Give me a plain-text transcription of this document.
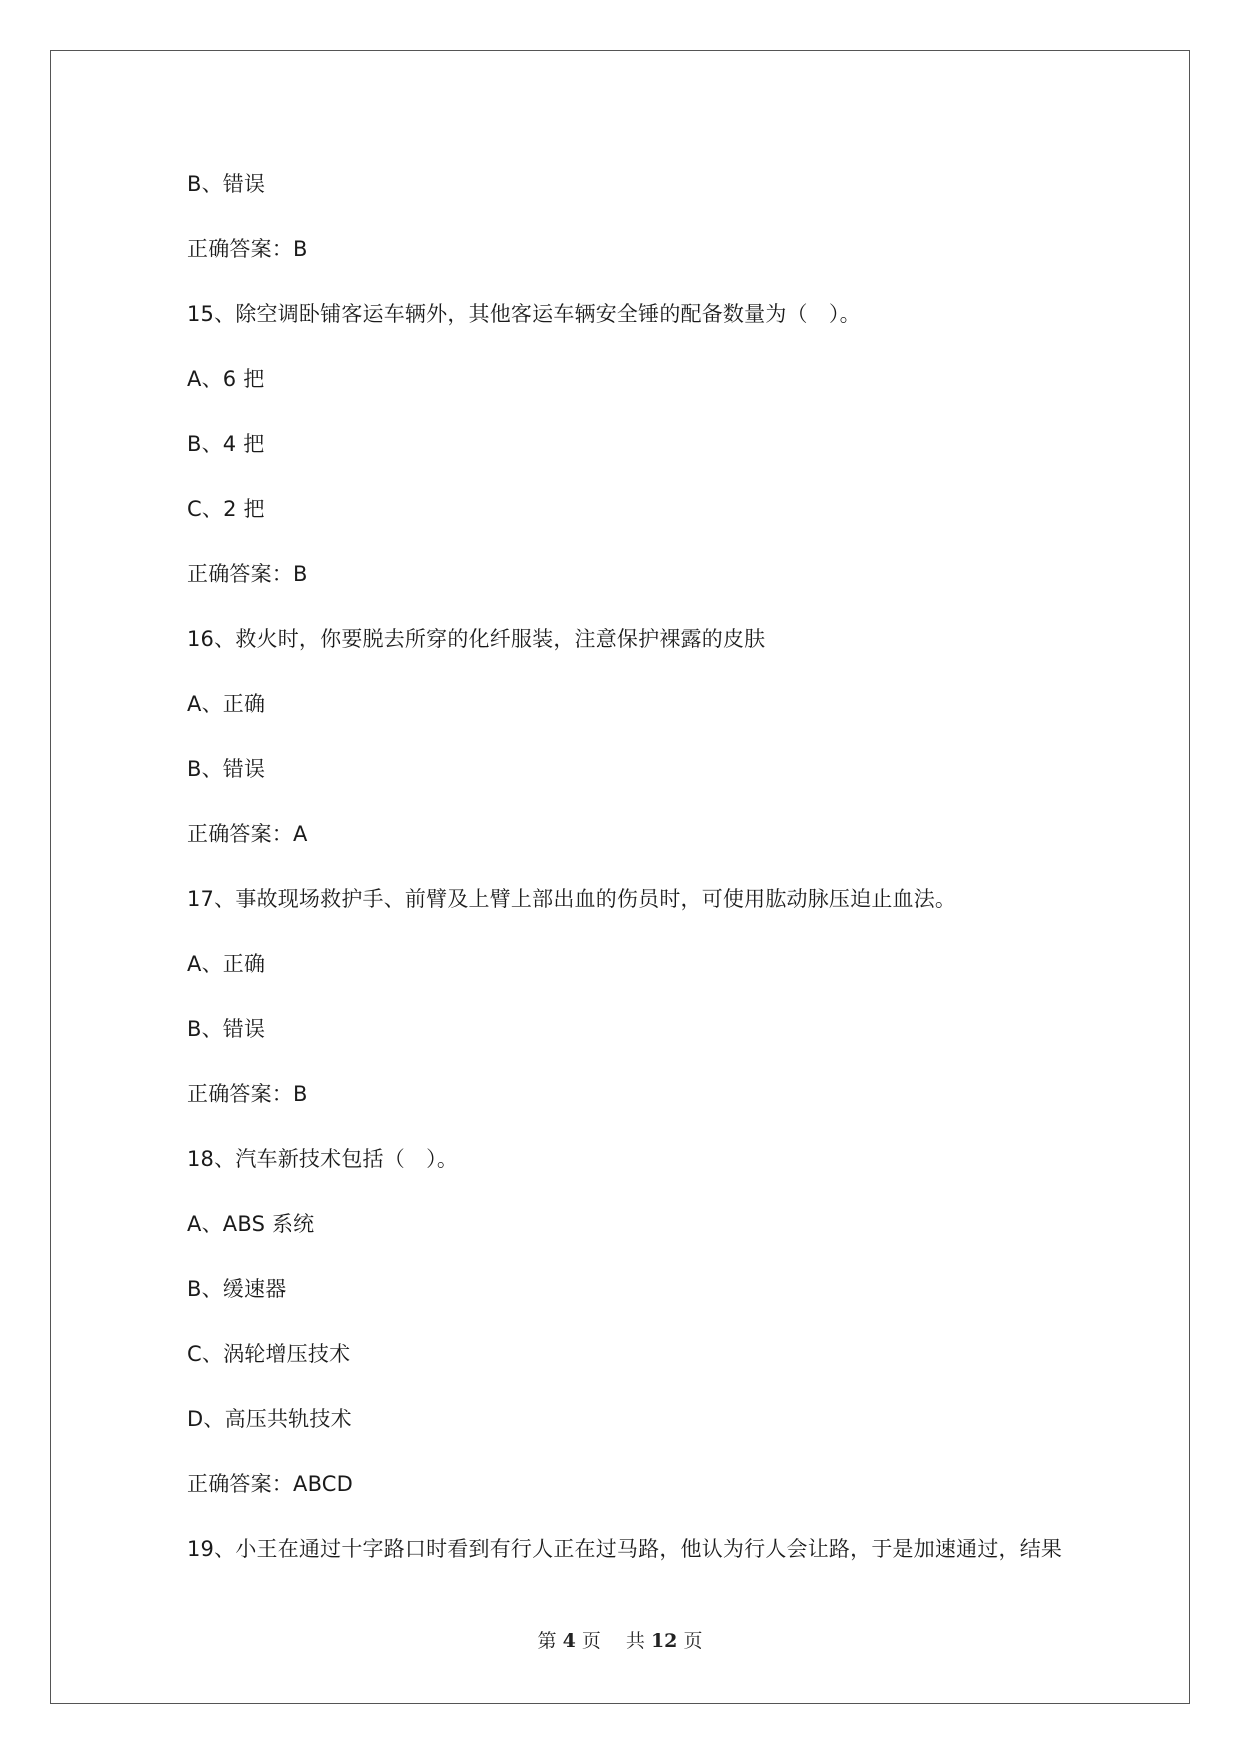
B、错误
正确答案：B
15、除空调卧铺客运车辆外，其他客运车辆安全锤的配备数量为（　）。
A、6 把
B、4 把
C、2 把
正确答案：B
16、救火时，你要脱去所穿的化纤服装，注意保护裸露的皮肤
A、正确
B、错误
正确答案：A
17、事故现场救护手、前臂及上臂上部出血的伤员时，可使用肱动脉压迫止血法。
A、正确
B、错误
正确答案：B
18、汽车新技术包括（　）。
A、ABS 系统
B、缓速器
C、涡轮增压技术
D、高压共轨技术
正确答案：ABCD
19、小王在通过十字路口时看到有行人正在过马路，他认为行人会让路，于是加速通过，结果
第 4 页　 共 12 页
